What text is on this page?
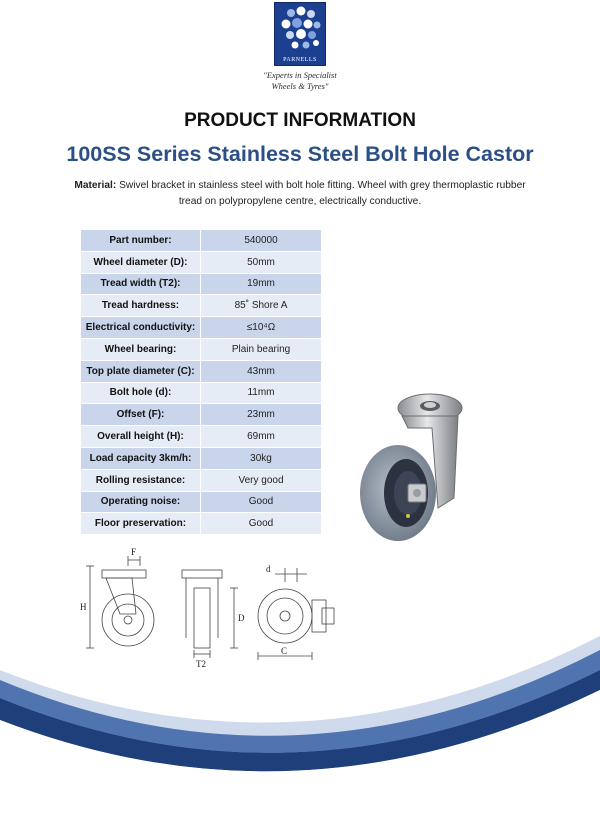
PARNELLS
"Experts in Specialist
Wheels & Tyres"
PRODUCT INFORMATION
100SS Series Stainless Steel Bolt Hole Castor
Material: Swivel bracket in stainless steel with bolt hole fitting. Wheel with grey thermoplastic rubber tread on polypropylene centre, electrically conductive.
Part number:	540000
Wheel diameter (D):	50mm
Tread width (T2):	19mm
Tread hardness:	85˚ Shore A
Electrical conductivity:	≤10⁴Ω
Wheel bearing:	Plain bearing
Top plate diameter (C):	43mm
Bolt hole (d):	11mm
Offset (F):	23mm
Overall height (H):	69mm
Load capacity 3km/h:	30kg
Rolling resistance:	Very good
Operating noise:	Good
Floor preservation:	Good
F
H
T2
D
d
C
